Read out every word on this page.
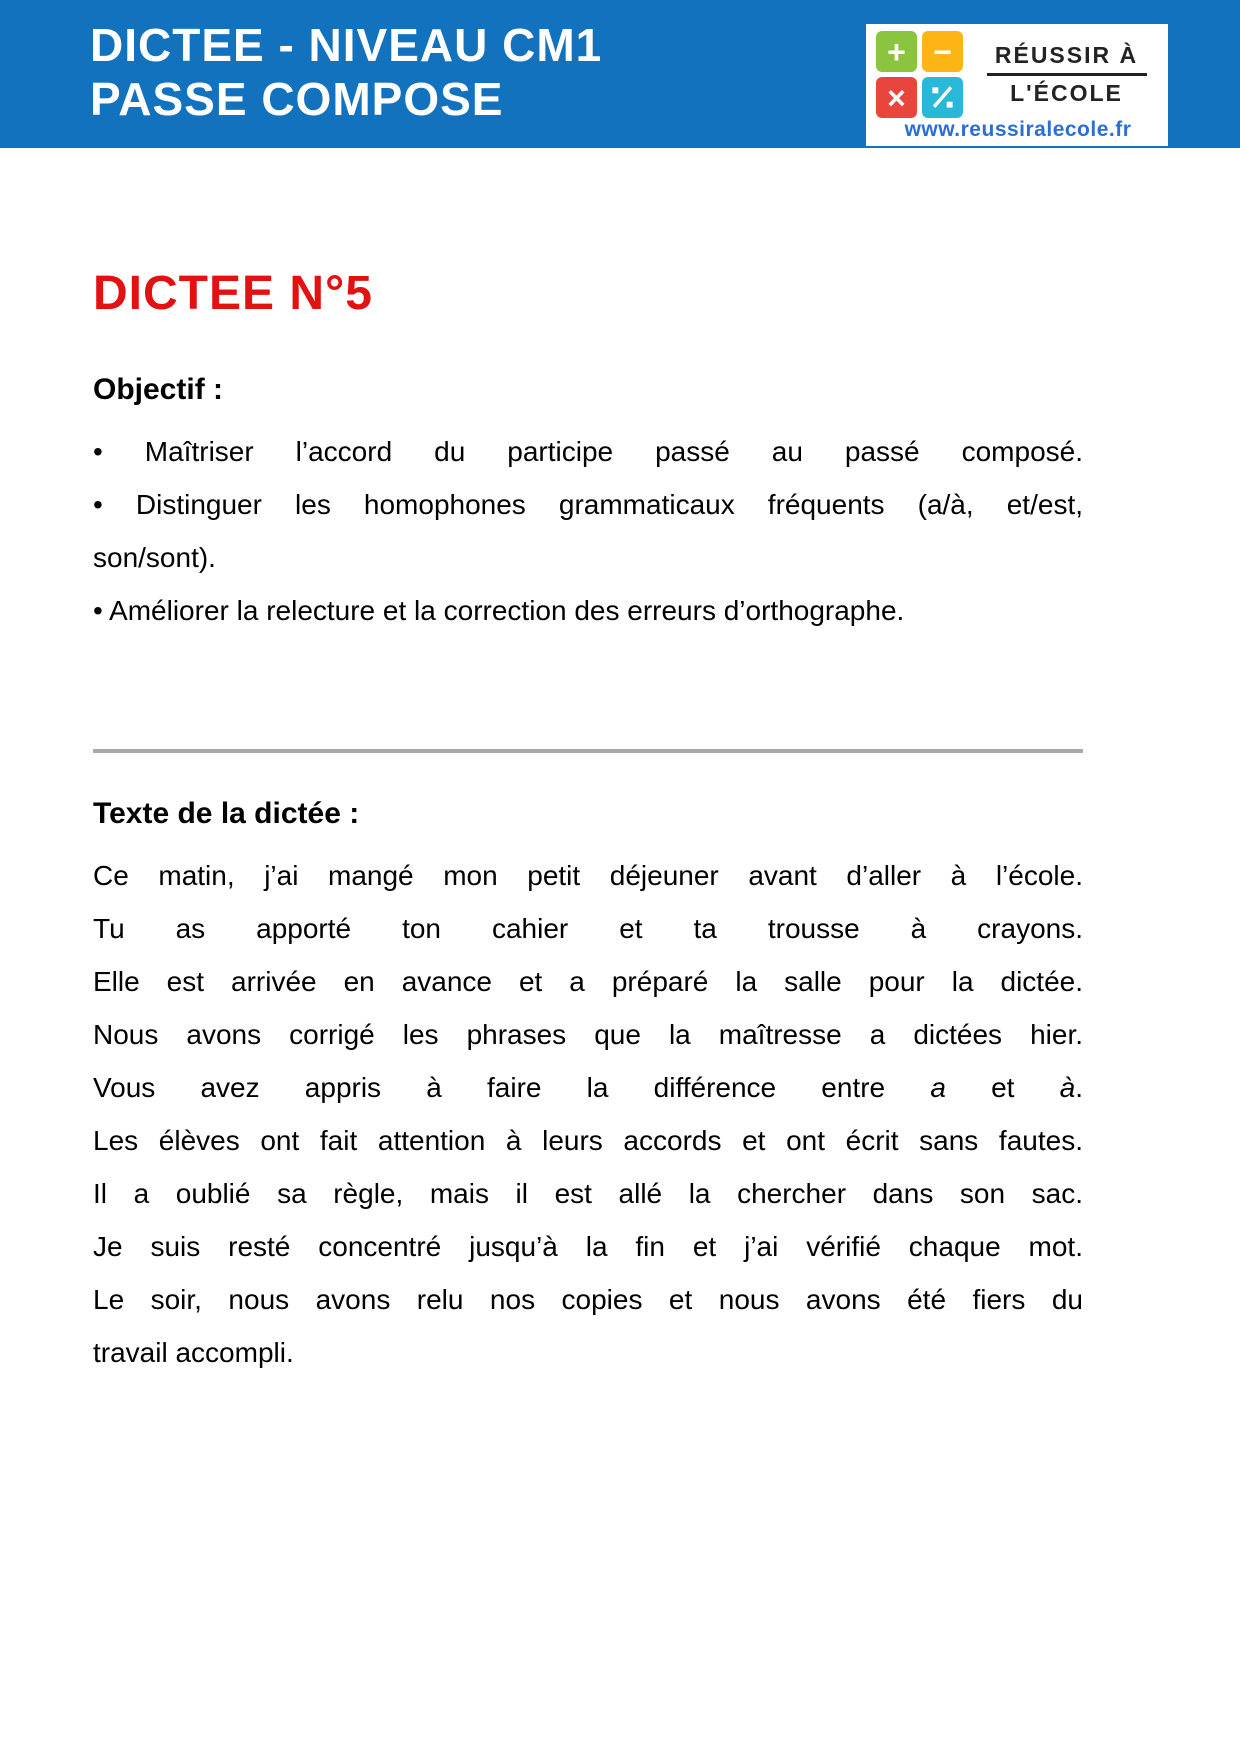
DICTEE - NIVEAU CM1
PASSE COMPOSE
+ −
×
RÉUSSIR À
L'ÉCOLE
www.reussiralecole.fr
DICTEE N°5
Objectif :
• Maîtriser l’accord du participe passé au passé composé.
• Distinguer les homophones grammaticaux fréquents (a/à, et/est,
son/sont).
• Améliorer la relecture et la correction des erreurs d’orthographe.
Texte de la dictée :
Ce matin, j’ai mangé mon petit déjeuner avant d’aller à l’école.
Tu as apporté ton cahier et ta trousse à crayons.
Elle est arrivée en avance et a préparé la salle pour la dictée.
Nous avons corrigé les phrases que la maîtresse a dictées hier.
Vous avez appris à faire la différence entre a et à.
Les élèves ont fait attention à leurs accords et ont écrit sans fautes.
Il a oublié sa règle, mais il est allé la chercher dans son sac.
Je suis resté concentré jusqu’à la fin et j’ai vérifié chaque mot.
Le soir, nous avons relu nos copies et nous avons été fiers du
travail accompli.
